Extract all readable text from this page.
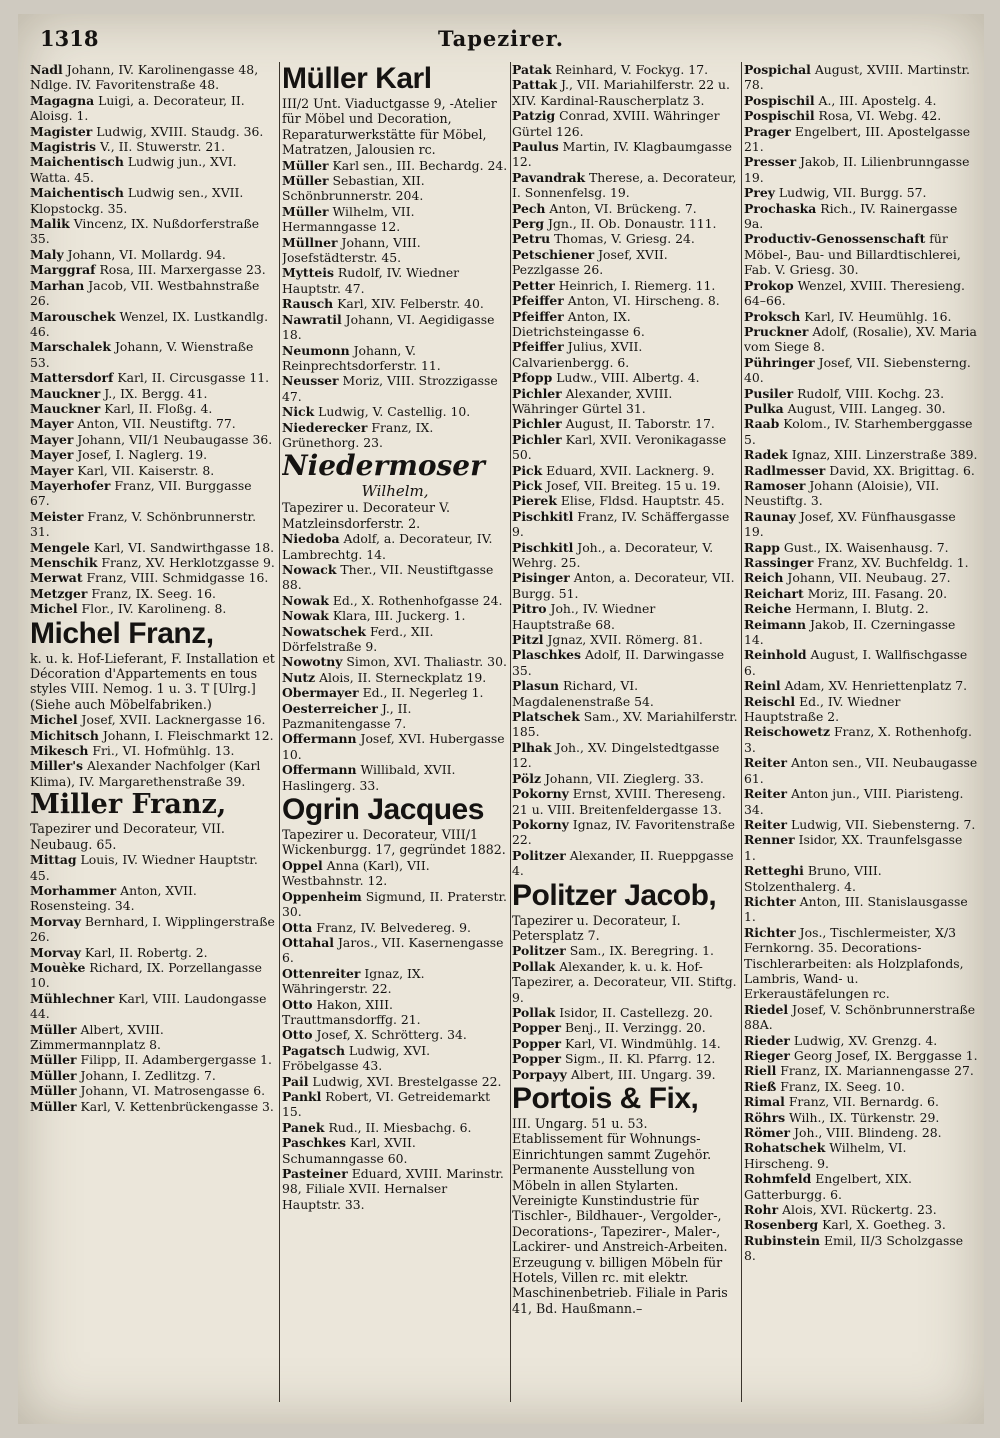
1318	Tapezirer.

Nadl Johann, IV. Karolinengasse 48, Ndlge. IV. Favoritenstraße 48.

Magagna Luigi, a. Decorateur, II. Aloisg. 1.

Magister Ludwig, XVIII. Staudg. 36.

Magistris V., II. Stuwerstr. 21.

Maichentisch Ludwig jun., XVI. Watta. 45.

Maichentisch Ludwig sen., XVII. Klopstockg. 35.

Malik Vincenz, IX. Nußdorferstraße 35.

Maly Johann, VI. Mollardg. 94.

Marggraf Rosa, III. Marxergasse 23.

Marhan Jacob, VII. Westbahnstraße 26.

Marouschek Wenzel, IX. Lustkandlg. 46.

Marschalek Johann, V. Wienstraße 53.

Mattersdorf Karl, II. Circusgasse 11.

Mauckner J., IX. Bergg. 41.

Mauckner Karl, II. Floßg. 4.

Mayer Anton, VII. Neustiftg. 77.

Mayer Johann, VII/1 Neubaugasse 36.

Mayer Josef, I. Naglerg. 19.

Mayer Karl, VII. Kaiserstr. 8.

Mayerhofer Franz, VII. Burggasse 67.

Meister Franz, V. Schönbrunnerstr. 31.

Mengele Karl, VI. Sandwirthgasse 18.

Menschik Franz, XV. Herklotzgasse 9.

Merwat Franz, VIII. Schmidgasse 16.

Metzger Franz, IX. Seeg. 16.

Michel Flor., IV. Karolineng. 8.

Michel Franz,
k. u. k. Hof-Lieferant, F. Installation et Décoration d'Appartements en tous styles VIII. Nemog. 1 u. 3. T [Ulrg.] (Siehe auch Möbelfabriken.)

Michel Josef, XVII. Lacknergasse 16.

Michitsch Johann, I. Fleischmarkt 12.

Mikesch Fri., VI. Hofmühlg. 13.

Miller's Alexander Nachfolger (Karl Klima), IV. Margarethenstraße 39.

Miller Franz,
Tapezirer und Decorateur, VII. Neubaug. 65.

Mittag Louis, IV. Wiedner Hauptstr. 45.

Morhammer Anton, XVII. Rosensteing. 34.

Morvay Bernhard, I. Wipplingerstraße 26.

Morvay Karl, II. Robertg. 2.

Mouèke Richard, IX. Porzellangasse 10.

Mühlechner Karl, VIII. Laudongasse 44.

Müller Albert, XVIII. Zimmermannplatz 8.

Müller Filipp, II. Adambergergasse 1.

Müller Johann, I. Zedlitzg. 7.

Müller Johann, VI. Matrosengasse 6.

Müller Karl, V. Kettenbrückengasse 3.

Müller Karl
III/2 Unt. Viaductgasse 9, -Atelier für Möbel und Decoration, Reparaturwerkstätte für Möbel, Matratzen, Jalousien rc.

Müller Karl sen., III. Bechardg. 24.

Müller Sebastian, XII. Schönbrunnerstr. 204.

Müller Wilhelm, VII. Hermanngasse 12.

Müllner Johann, VIII. Josefstädterstr. 45.

Mytteis Rudolf, IV. Wiedner Hauptstr. 47.

Rausch Karl, XIV. Felberstr. 40.

Nawratil Johann, VI. Aegidigasse 18.

Neumonn Johann, V. Reinprechtsdorferstr. 11.

Neusser Moriz, VIII. Strozzigasse 47.

Nick Ludwig, V. Castellig. 10.

Niederecker Franz, IX. Grünethorg. 23.

Niedermoser
Wilhelm,
Tapezirer u. Decorateur V. Matzleinsdorferstr. 2.

Niedoba Adolf, a. Decorateur, IV. Lambrechtg. 14.

Nowack Ther., VII. Neustiftgasse 88.

Nowak Ed., X. Rothenhofgasse 24.

Nowak Klara, III. Juckerg. 1.

Nowatschek Ferd., XII. Dörfelstraße 9.

Nowotny Simon, XVI. Thaliastr. 30.

Nutz Alois, II. Sterneckplatz 19.

Obermayer Ed., II. Negerleg 1.

Oesterreicher J., II. Pazmanitengasse 7.

Offermann Josef, XVI. Hubergasse 10.

Offermann Willibald, XVII. Haslingerg. 33.

Ogrin Jacques
Tapezirer u. Decorateur, VIII/1 Wickenburgg. 17, gegründet 1882.

Oppel Anna (Karl), VII. Westbahnstr. 12.

Oppenheim Sigmund, II. Praterstr. 30.

Otta Franz, IV. Belvedereg. 9.

Ottahal Jaros., VII. Kasernengasse 6.

Ottenreiter Ignaz, IX. Währingerstr. 22.

Otto Hakon, XIII. Trauttmansdorffg. 21.

Otto Josef, X. Schrötterg. 34.

Pagatsch Ludwig, XVI. Fröbelgasse 43.

Pail Ludwig, XVI. Brestelgasse 22.

Pankl Robert, VI. Getreidemarkt 15.

Panek Rud., II. Miesbachg. 6.

Paschkes Karl, XVII. Schumanngasse 60.

Pasteiner Eduard, XVIII. Marinstr. 98, Filiale XVII. Hernalser Hauptstr. 33.

Patak Reinhard, V. Fockyg. 17.

Pattak J., VII. Mariahilferstr. 22 u. XIV. Kardinal-Rauscherplatz 3.

Patzig Conrad, XVIII. Währinger Gürtel 126.

Paulus Martin, IV. Klagbaumgasse 12.

Pavandrak Therese, a. Decorateur, I. Sonnenfelsg. 19.

Pech Anton, VI. Brückeng. 7.

Perg Jgn., II. Ob. Donaustr. 111.

Petru Thomas, V. Griesg. 24.

Petschiener Josef, XVII. Pezzlgasse 26.

Petter Heinrich, I. Riemerg. 11.

Pfeiffer Anton, VI. Hirscheng. 8.

Pfeiffer Anton, IX. Dietrichsteingasse 6.

Pfeiffer Julius, XVII. Calvarienbergg. 6.

Pfopp Ludw., VIII. Albertg. 4.

Pichler Alexander, XVIII. Währinger Gürtel 31.

Pichler August, II. Taborstr. 17.

Pichler Karl, XVII. Veronikagasse 50.

Pick Eduard, XVII. Lacknerg. 9.

Pick Josef, VII. Breiteg. 15 u. 19.

Pierek Elise, Fldsd. Hauptstr. 45.

Pischkitl Franz, IV. Schäffergasse 9.

Pischkitl Joh., a. Decorateur, V. Wehrg. 25.

Pisinger Anton, a. Decorateur, VII. Burgg. 51.

Pitro Joh., IV. Wiedner Hauptstraße 68.

Pitzl Jgnaz, XVII. Römerg. 81.

Plaschkes Adolf, II. Darwingasse 35.

Plasun Richard, VI. Magdalenenstraße 54.

Platschek Sam., XV. Mariahilferstr. 185.

Plhak Joh., XV. Dingelstedtgasse 12.

Pölz Johann, VII. Zieglerg. 33.

Pokorny Ernst, XVIII. Thereseng. 21 u. VIII. Breitenfeldergasse 13.

Pokorny Ignaz, IV. Favoritenstraße 22.

Politzer Alexander, II. Rueppgasse 4.

Politzer Jacob,
Tapezirer u. Decorateur, I. Petersplatz 7.

Politzer Sam., IX. Beregring. 1.

Pollak Alexander, k. u. k. Hof-Tapezirer, a. Decorateur, VII. Stiftg. 9.

Pollak Isidor, II. Castellezg. 20.

Popper Benj., II. Verzingg. 20.

Popper Karl, VI. Windmühlg. 14.

Popper Sigm., II. Kl. Pfarrg. 12.

Porpayy Albert, III. Ungarg. 39.

Portois & Fix,
III. Ungarg. 51 u. 53. Etablissement für Wohnungs-Einrichtungen sammt Zugehör. Permanente Ausstellung von Möbeln in allen Stylarten. Vereinigte Kunstindustrie für Tischler-, Bildhauer-, Vergolder-, Decorations-, Tapezirer-, Maler-, Lackirer- und Anstreich-Arbeiten. Erzeugung v. billigen Möbeln für Hotels, Villen rc. mit elektr. Maschinenbetrieb. Filiale in Paris 41, Bd. Haußmann.–

Pospichal August, XVIII. Martinstr. 78.

Pospischil A., III. Apostelg. 4.

Pospischil Rosa, VI. Webg. 42.

Prager Engelbert, III. Apostelgasse 21.

Presser Jakob, II. Lilienbrunngasse 19.

Prey Ludwig, VII. Burgg. 57.

Prochaska Rich., IV. Rainergasse 9a.

Productiv-Genossenschaft für Möbel-, Bau- und Billardtischlerei, Fab. V. Griesg. 30.

Prokop Wenzel, XVIII. Theresieng. 64–66.

Proksch Karl, IV. Heumühlg. 16.

Pruckner Adolf, (Rosalie), XV. Maria vom Siege 8.

Pühringer Josef, VII. Siebensterng. 40.

Pusiler Rudolf, VIII. Kochg. 23.

Pulka August, VIII. Langeg. 30.

Raab Kolom., IV. Starhemberggasse 5.

Radek Ignaz, XIII. Linzerstraße 389.

Radlmesser David, XX. Brigittag. 6.

Ramoser Johann (Aloisie), VII. Neustiftg. 3.

Raunay Josef, XV. Fünfhausgasse 19.

Rapp Gust., IX. Waisenhausg. 7.

Rassinger Franz, XV. Buchfeldg. 1.

Reich Johann, VII. Neubaug. 27.

Reichart Moriz, III. Fasang. 20.

Reiche Hermann, I. Blutg. 2.

Reimann Jakob, II. Czerningasse 14.

Reinhold August, I. Wallfischgasse 6.

Reinl Adam, XV. Henriettenplatz 7.

Reischl Ed., IV. Wiedner Hauptstraße 2.

Reischowetz Franz, X. Rothenhofg. 3.

Reiter Anton sen., VII. Neubaugasse 61.

Reiter Anton jun., VIII. Piaristeng. 34.

Reiter Ludwig, VII. Siebensterng. 7.

Renner Isidor, XX. Traunfelsgasse 1.

Retteghi Bruno, VIII. Stolzenthalerg. 4.

Richter Anton, III. Stanislausgasse 1.

Richter Jos., Tischlermeister, X/3 Fernkorng. 35. Decorations-Tischlerarbeiten: als Holzplafonds, Lambris, Wand- u. Erkeraustäfelungen rc.

Riedel Josef, V. Schönbrunnerstraße 88A.

Rieder Ludwig, XV. Grenzg. 4.

Rieger Georg Josef, IX. Berggasse 1.

Riell Franz, IX. Mariannengasse 27.

Rieß Franz, IX. Seeg. 10.

Rimal Franz, VII. Bernardg. 6.

Röhrs Wilh., IX. Türkenstr. 29.

Römer Joh., VIII. Blindeng. 28.

Rohatschek Wilhelm, VI. Hirscheng. 9.

Rohmfeld Engelbert, XIX. Gatterburgg. 6.

Rohr Alois, XVI. Rückertg. 23.

Rosenberg Karl, X. Goetheg. 3.

Rubinstein Emil, II/3 Scholzgasse 8.
